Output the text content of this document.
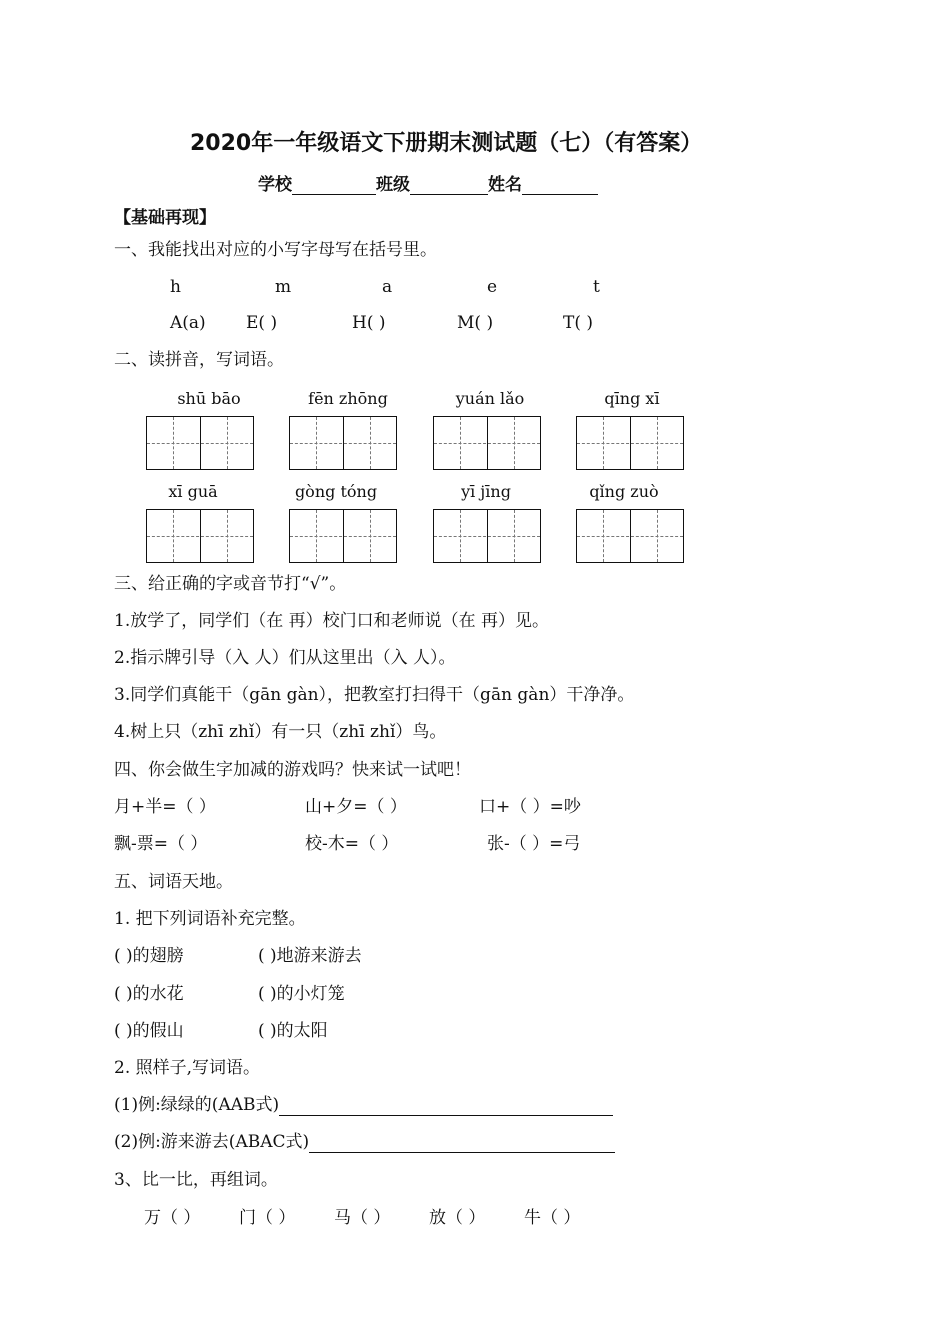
2020年一年级语文下册期末测试题（七）（有答案）
学校	班级	姓名
【基础再现】
一、我能找出对应的小写字母写在括号里。
h	m	a	e	t
A(a) E( )	H( )	M( )	T( )
二、读拼音，写词语。
shū bāo	fēn zhōng	yuán lǎo	qīng xī
xī guā	gòng tóng	yī jīng	qǐng zuò
三、给正确的字或音节打“√”。
1.放学了，同学们（在 再）校门口和老师说（在 再）见。
2.指示牌引导（入 人）们从这里出（入 人）。
3.同学们真能干（gān gàn），把教室打扫得干（gān gàn）干净净。
4.树上只（zhī zhǐ）有一只（zhī zhǐ）鸟。
四、你会做生字加减的游戏吗？快来试一试吧！
月+半=（ ）	山+夕=（ ）	口+（ ）=吵
飘-票=（ ）	校-木=（ ）	张-（ ）=弓
五、词语天地。
1. 把下列词语补充完整。
( )的翅膀	( )地游来游去
( )的水花	( )的小灯笼
( )的假山	( )的太阳
2. 照样子,写词语。
(1)例:绿绿的(AAB式)
(2)例:游来游去(ABAC式)
3、比一比，再组词。
万（ ） 门（ ） 马（ ） 放（ ） 牛（ ）
